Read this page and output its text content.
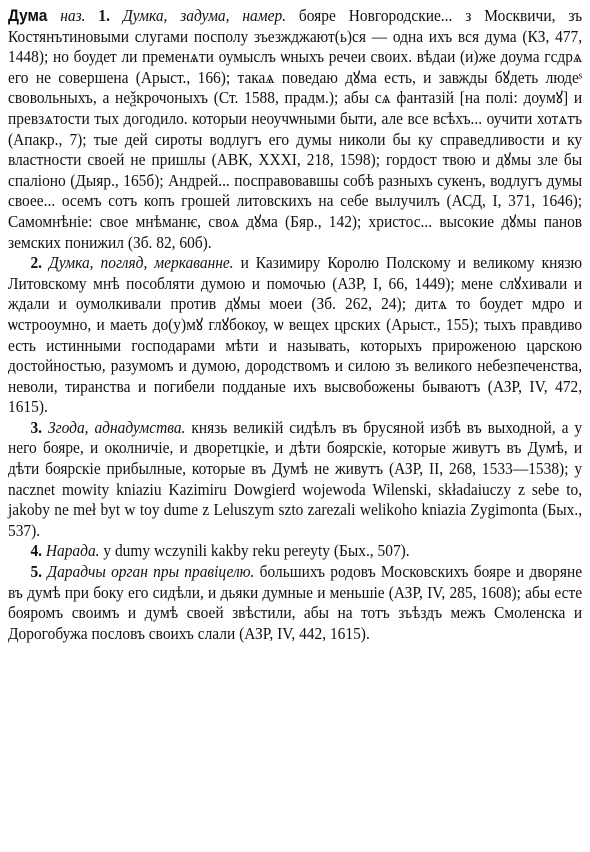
Дума наз. 1. Думка, задума, намер. бояре Новгородские... з Москвичи, зъ Костянътиновыми слугами посполу зъезжджают(ь)ся — одна ихъ вся дума (КЗ, 477, 1448); но боудет ли пременѧти оумыслъ ѡныхъ речеи своих. вѣдаи (и)же доума гсдрѧ его не совершена (Арыст., 166); такаѧ поведаю дꙋма есть, и завжды бꙋдеть людеˢ свовольныхъ, а неѯкрочоныхъ (Ст. 1588, прадм.); абы сѧ фантазій [на полі: доумꙋ] и превзѧтости тых догодило. которыи неоучѡными быти, але все всѣхъ... оучити хотѧтъ (Апакр., 7); тые дей сироты водлугъ его думы николи бы ку справедливости и ку властности своей не пришлы (АВК, XXXI, 218, 1598); гордост твою и дꙋмы зле бы спаліоно (Дыяр., 165б); Андрей... посправовавшы собѣ разныхъ сукенъ, водлугъ думы своее... осемъ сотъ копъ грошей литовскихъ на себе вылучилъ (АСД, I, 371, 1646); Самомнѣніе: свое мнѣманѥ, своѧ дꙋма (Бяр., 142); христос... высокие дꙋмы панов земских понижил (Зб. 82, 60б).
2. Думка, погляд, меркаванне. и Казимиру Королю Полскому и великому князю Литовскому мнѣ пособляти думою и помочью (АЗР, I, 66, 1449); мене слꙋхивали и ждали и оумолкивали против дꙋмы моеи (Зб. 262, 24); дитѧ то боудет мдро и ѡстрооумно, и маеть до(у)мꙋ глꙋбокоу, ѡ вещех црских (Арыст., 155); тыхъ правдиво есть истинными господарами мѣти и называть, которыхъ прироженою царскою достойностью, разумомъ и думою, дородствомъ и силою зъ великого небезпеченства, неволи, тиранства и погибели подданые ихъ высвобожены бываютъ (АЗР, IV, 472, 1615).
3. Згода, аднадумства. князь великій сидѣлъ въ брусяной избѣ въ выходной, а у него бояре, и околничіе, и дворетцкіе, и дѣти боярскіе, которые живутъ въ Думѣ, и дѣти боярскіе прибылные, которые въ Думѣ не живутъ (АЗР, II, 268, 1533—1538); y nacznet mowity kniaziu Kazimiru Dowgierd wojewoda Wilenski, składaiuczy z sebe to, jakoby ne meł byt w toy dume z Leluszym szto zarezali welikoho kniazia Zygimonta (Быx., 537).
4. Нарада. y dumy wczynili kakby reku pereyty (Быx., 507).
5. Дарадчы орган пры правіцелю. большихъ родовъ Московскихъ бояре и дворяне въ думѣ при боку его сидѣли, и дьяки думные и меньшіе (АЗР, IV, 285, 1608); абы есте бояромъ своимъ и думѣ своей звѣстили, абы на тотъ зъѣздъ межъ Смоленска и Дорогобужа пословъ своихъ слали (АЗР, IV, 442, 1615).
